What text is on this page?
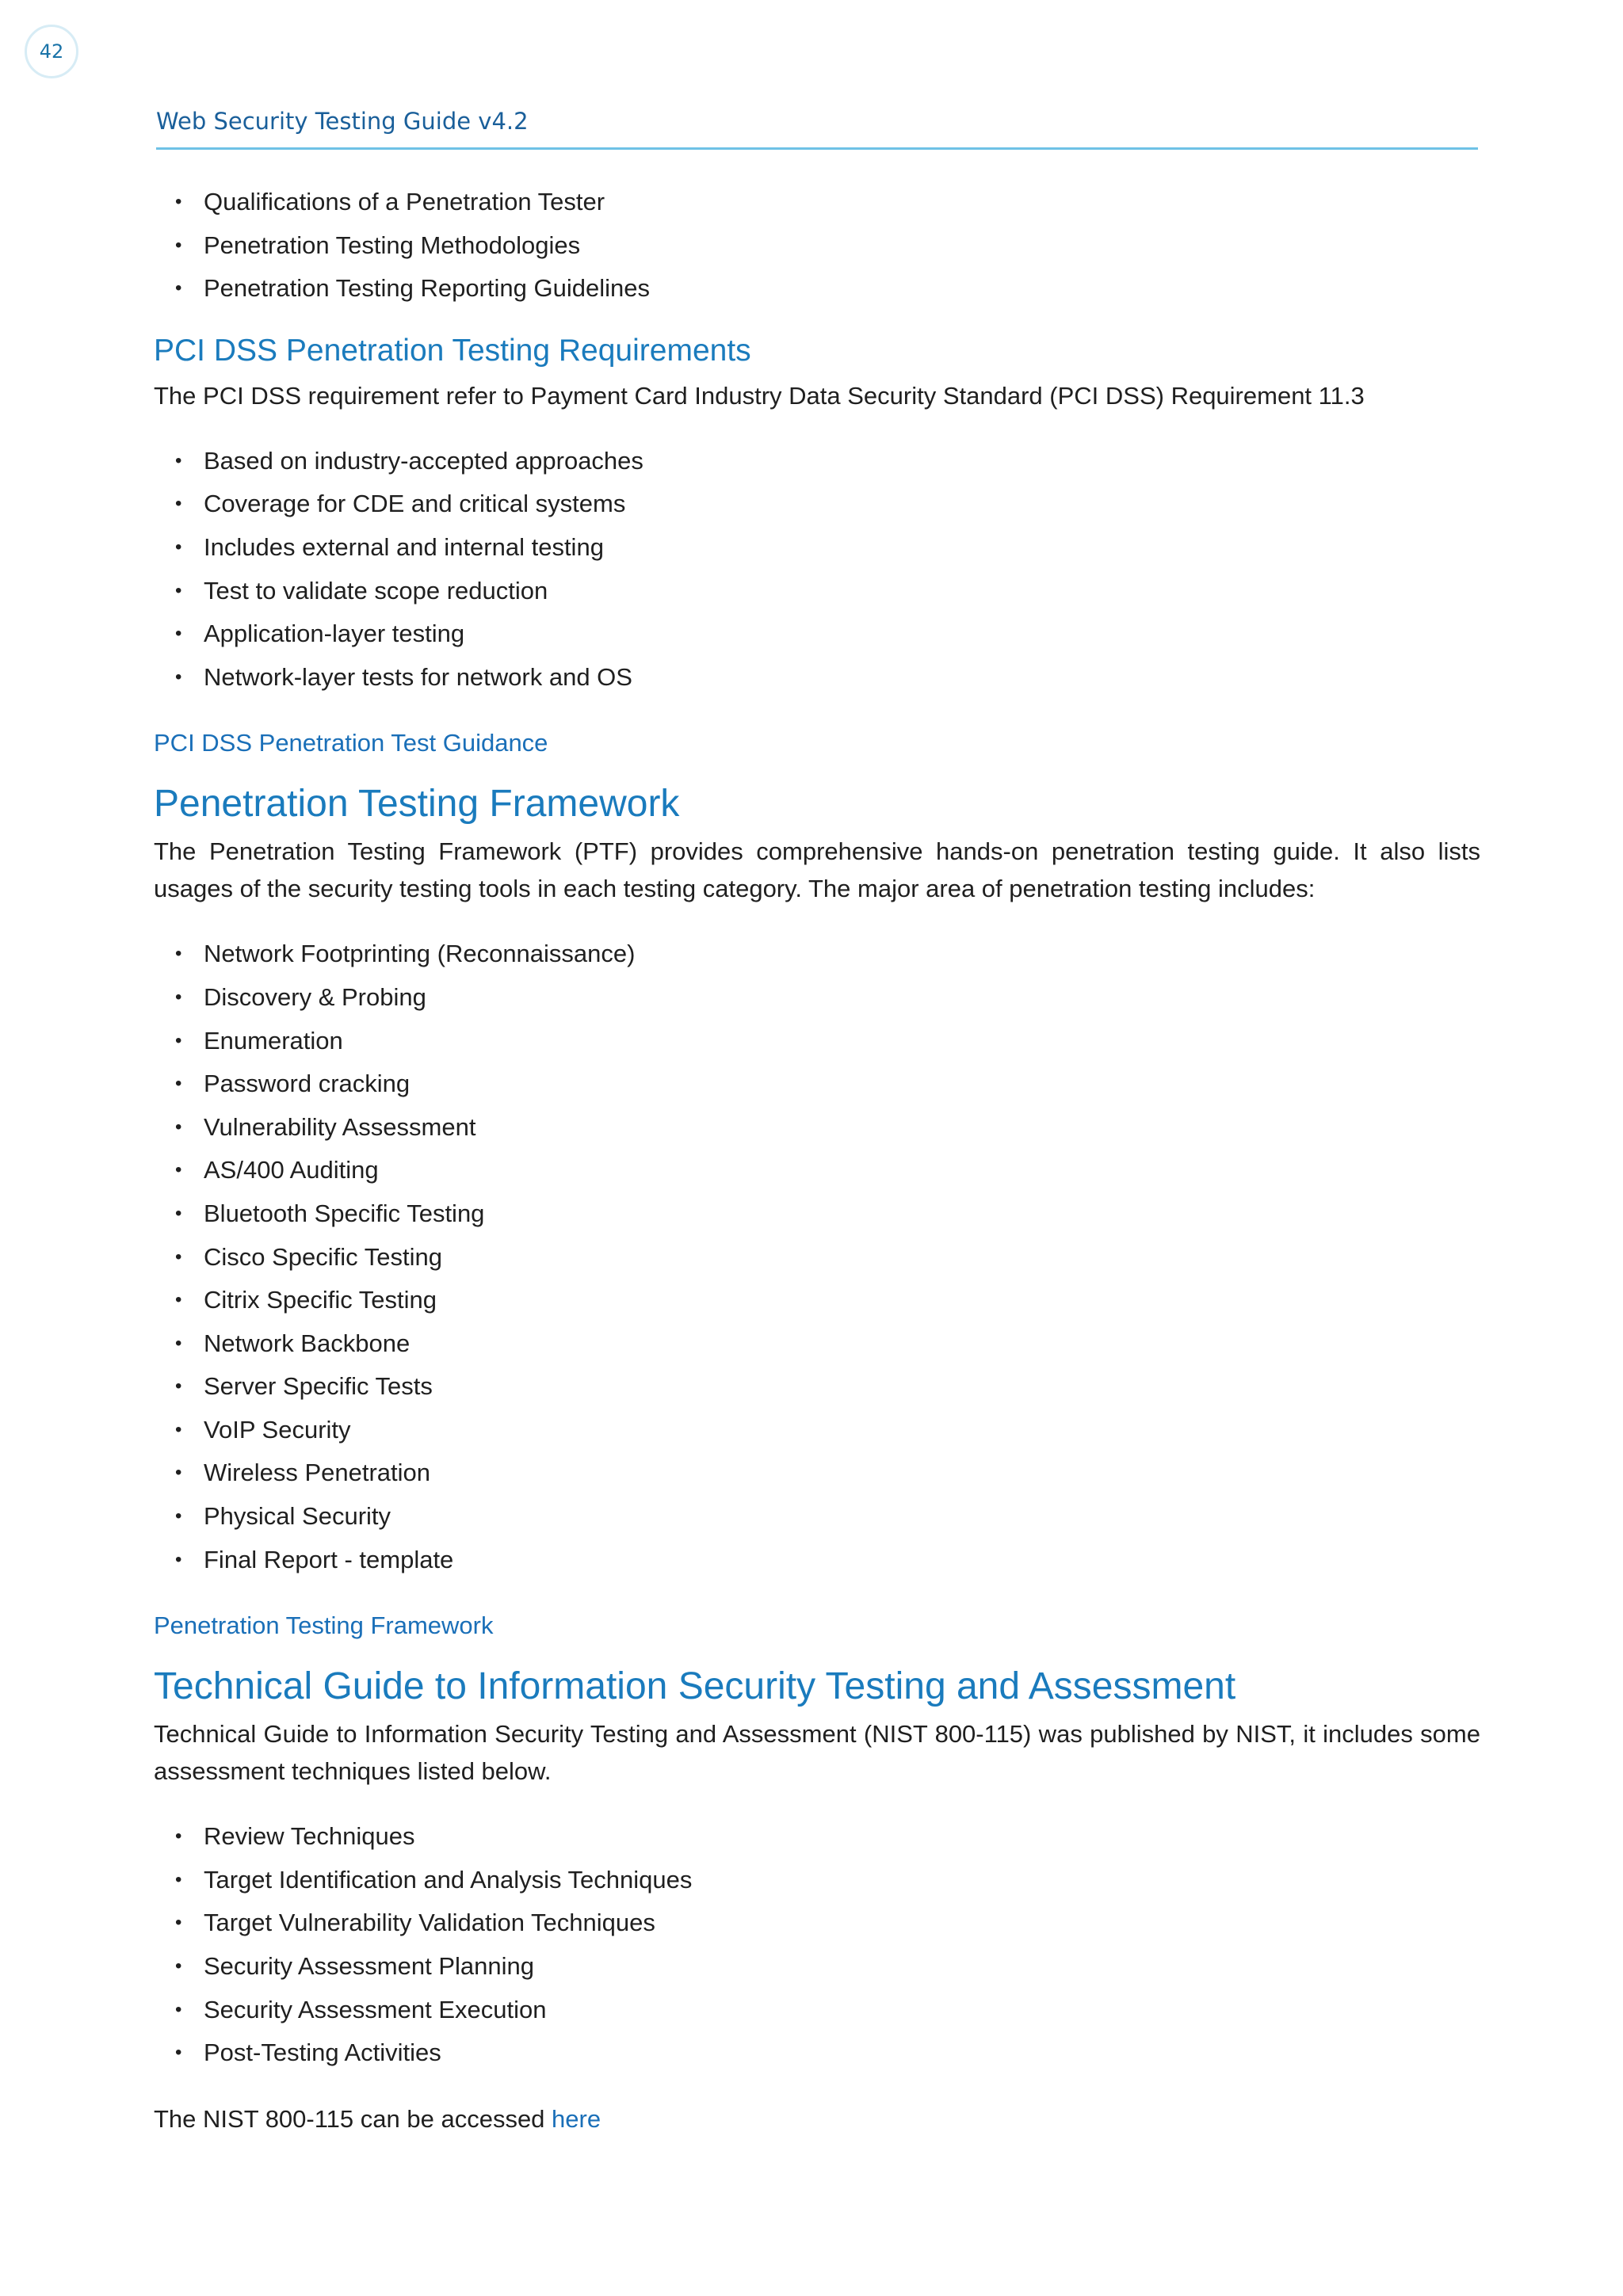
42
Web Security Testing Guide v4.2
• Qualifications of a Penetration Tester
• Penetration Testing Methodologies
• Penetration Testing Reporting Guidelines
PCI DSS Penetration Testing Requirements

The PCI DSS requirement refer to Payment Card Industry Data Security Standard (PCI DSS) Requirement 11.3

• Based on industry-accepted approaches
• Coverage for CDE and critical systems
• Includes external and internal testing
• Test to validate scope reduction
• Application-layer testing
• Network-layer tests for network and OS

PCI DSS Penetration Test Guidance

Penetration Testing Framework

The Penetration Testing Framework (PTF) provides comprehensive hands-on penetration testing guide. It also lists usages of the security testing tools in each testing category. The major area of penetration testing includes:

• Network Footprinting (Reconnaissance)
• Discovery & Probing
• Enumeration
• Password cracking
• Vulnerability Assessment
• AS/400 Auditing
• Bluetooth Specific Testing
• Cisco Specific Testing
• Citrix Specific Testing
• Network Backbone
• Server Specific Tests
• VoIP Security
• Wireless Penetration
• Physical Security
• Final Report - template

Penetration Testing Framework

Technical Guide to Information Security Testing and Assessment

Technical Guide to Information Security Testing and Assessment (NIST 800-115) was published by NIST, it includes some assessment techniques listed below.

• Review Techniques
• Target Identification and Analysis Techniques
• Target Vulnerability Validation Techniques
• Security Assessment Planning
• Security Assessment Execution
• Post-Testing Activities

The NIST 800-115 can be accessed here
